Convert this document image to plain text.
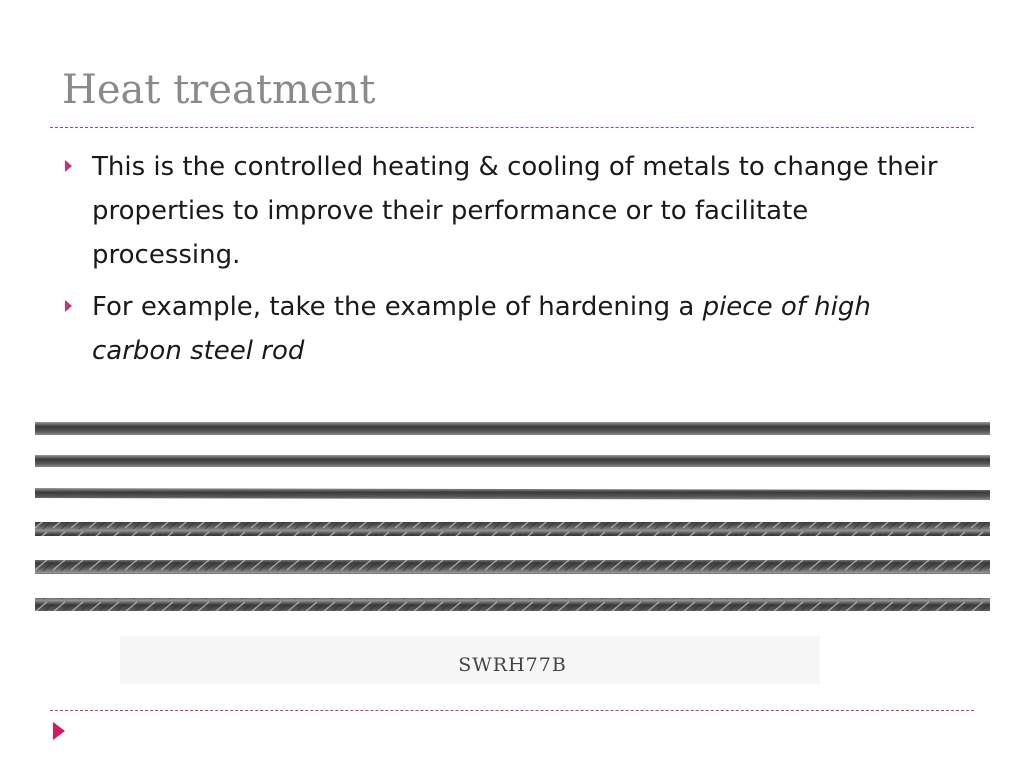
Heat treatment
This is the controlled heating & cooling of metals to change their properties to improve their performance or to facilitate processing.
For example, take the example of hardening a piece of high carbon steel rod
SWRH77B
